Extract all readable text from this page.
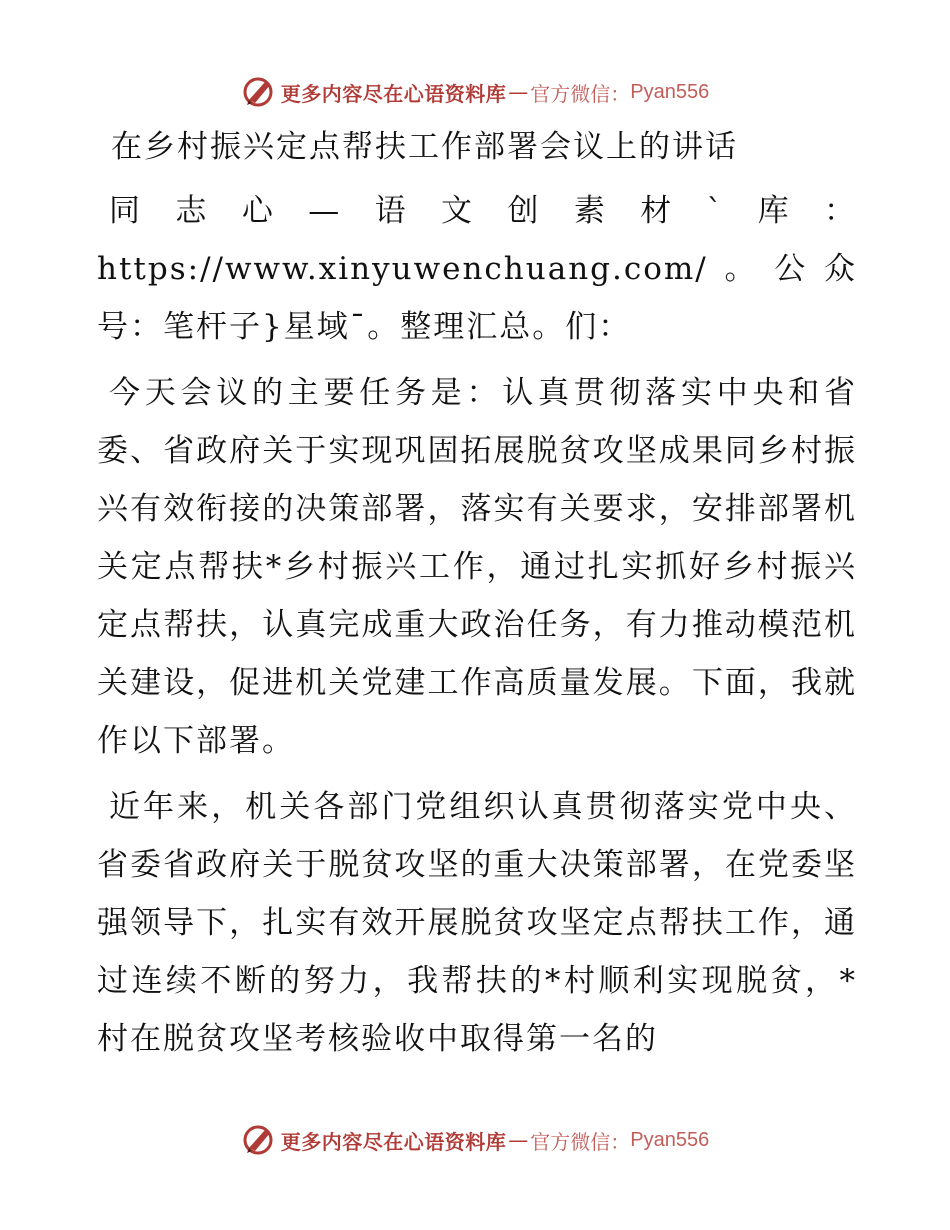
更多内容尽在心语资料库 — 官方微信： Pyan556
在乡村振兴定点帮扶工作部署会议上的讲话

同志心—语文创素材`库：https://www.xinyuwenchuang.com/。公众号：笔杆子}星域¯。整理汇总。们：

今天会议的主要任务是：认真贯彻落实中央和省委、省政府关于实现巩固拓展脱贫攻坚成果同乡村振兴有效衔接的决策部署，落实有关要求，安排部署机关定点帮扶*乡村振兴工作，通过扎实抓好乡村振兴定点帮扶，认真完成重大政治任务，有力推动模范机关建设，促进机关党建工作高质量发展。下面，我就作以下部署。

近年来，机关各部门党组织认真贯彻落实党中央、省委省政府关于脱贫攻坚的重大决策部署，在党委坚强领导下，扎实有效开展脱贫攻坚定点帮扶工作，通过连续不断的努力，我帮扶的*村顺利实现脱贫，*村在脱贫攻坚考核验收中取得第一名的

更多内容尽在心语资料库 — 官方微信： Pyan556
